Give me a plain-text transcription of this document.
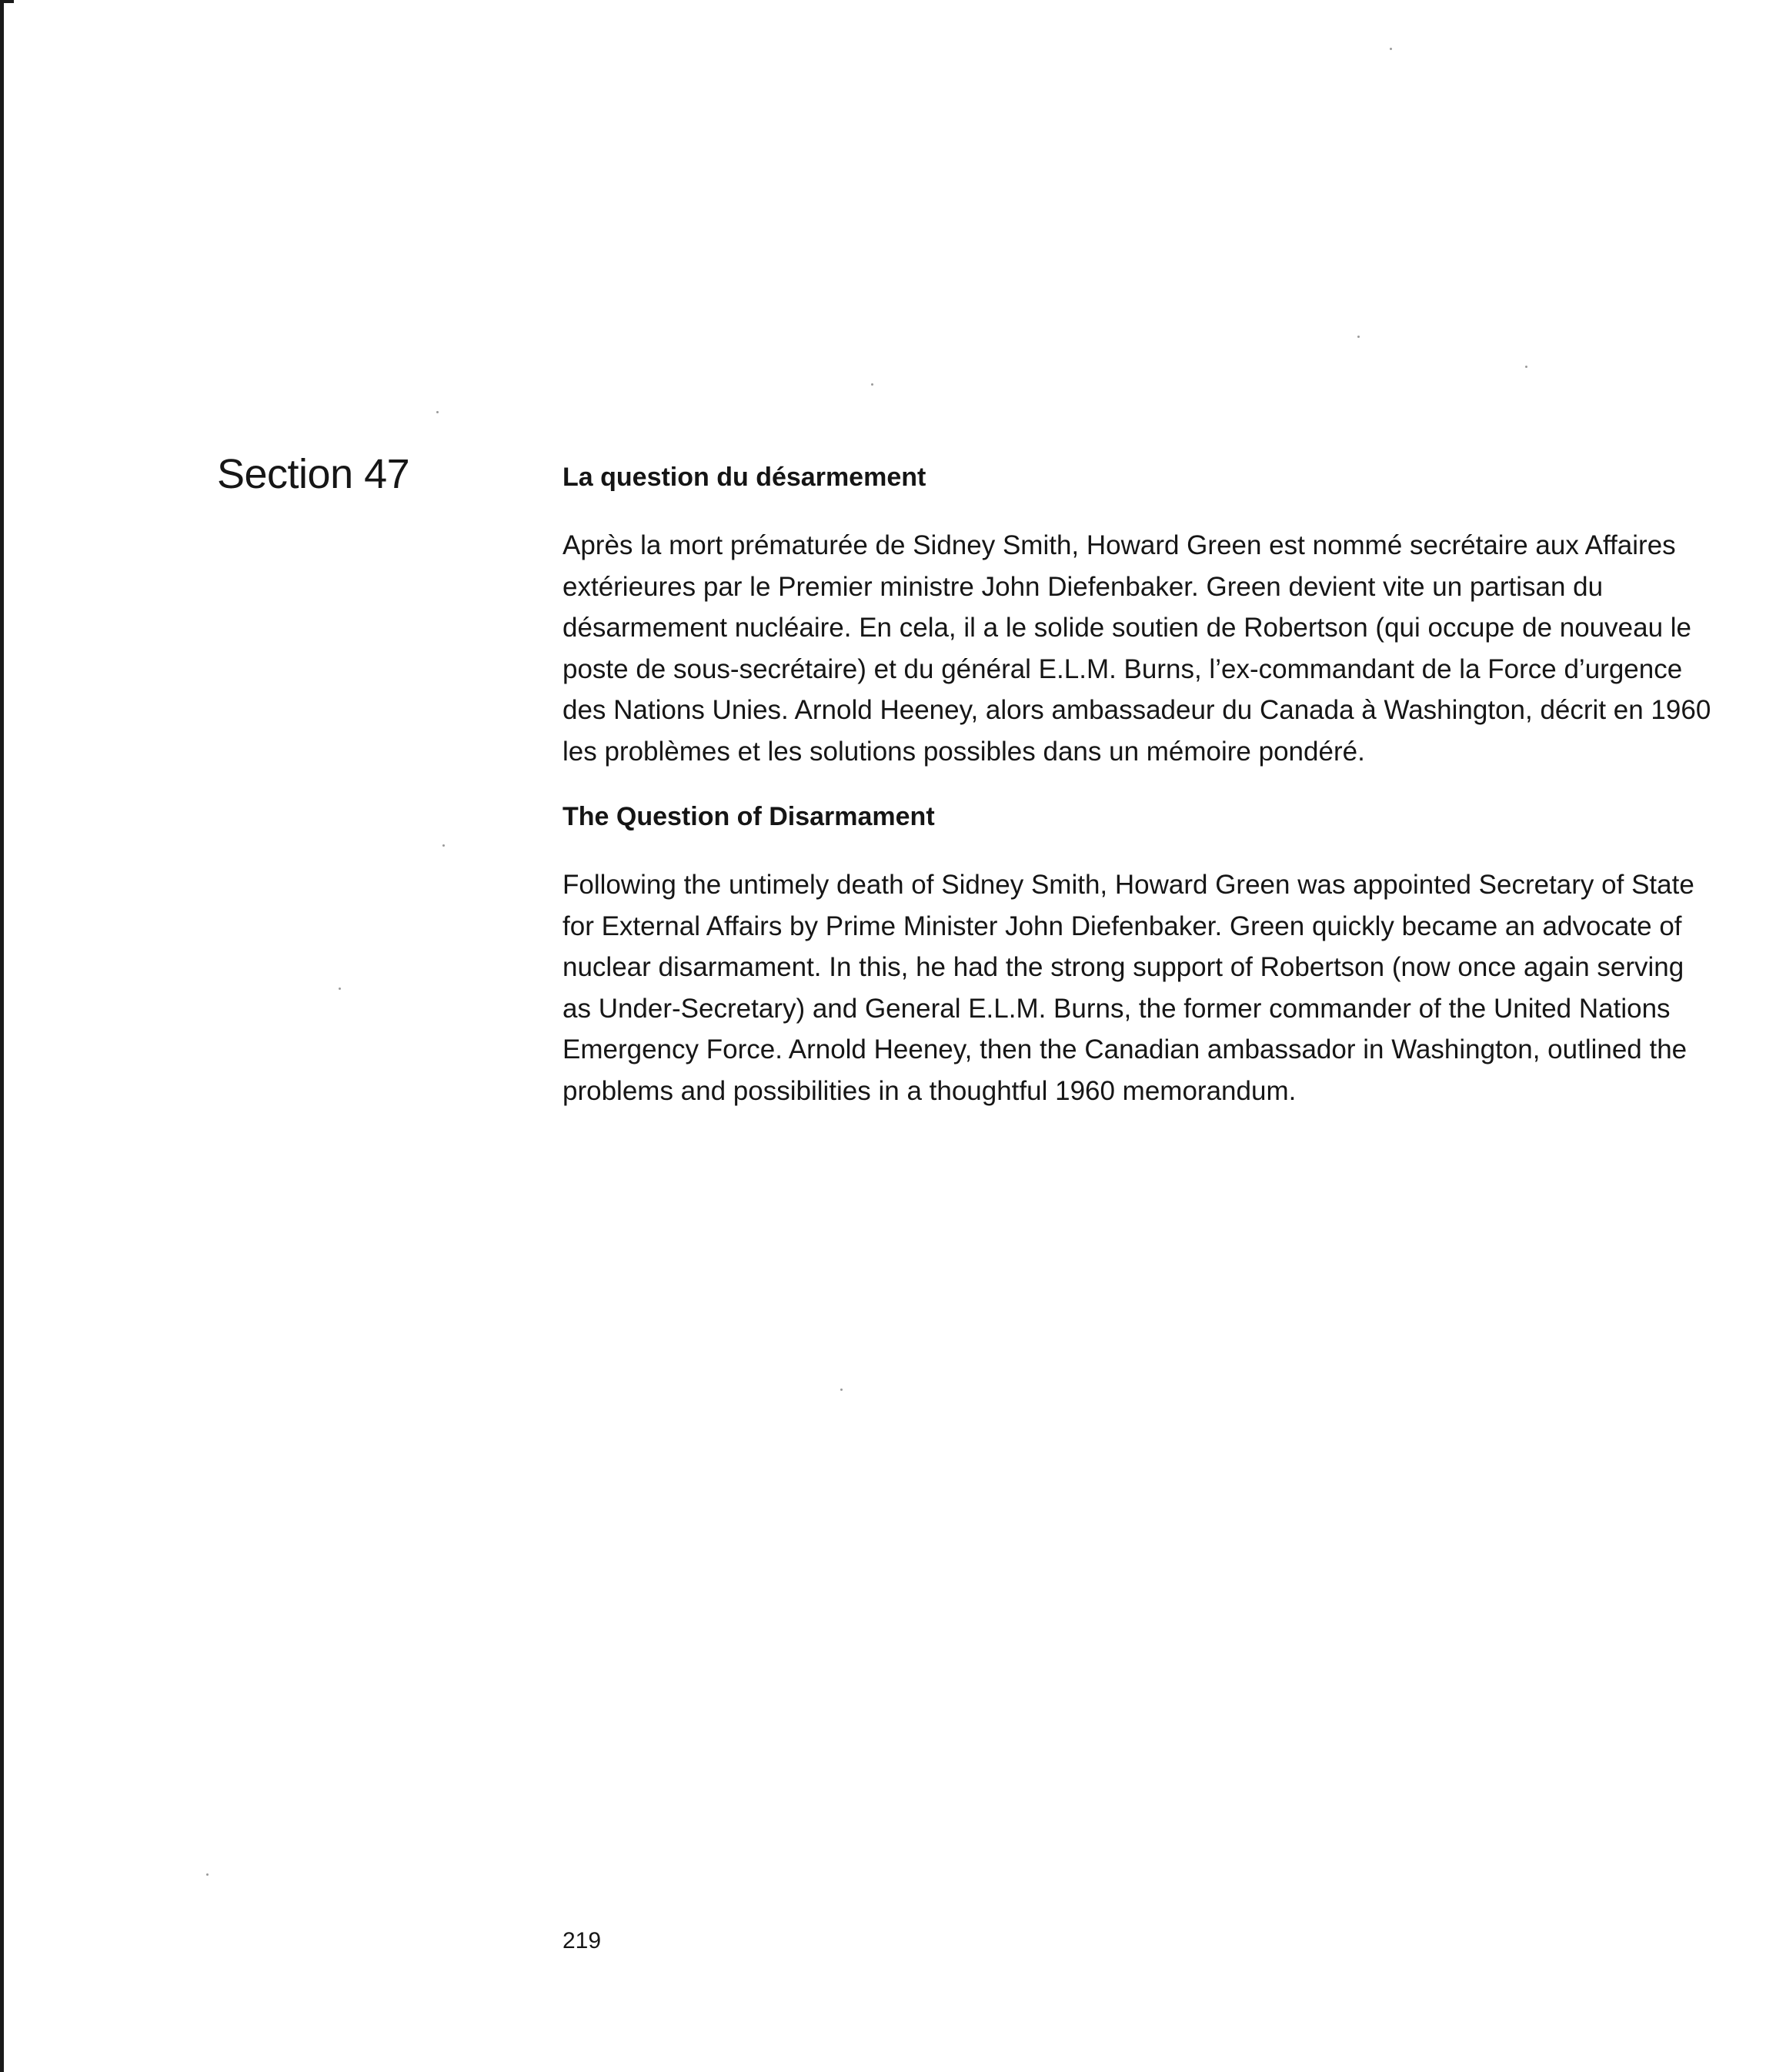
Section 47	La question du désarmement

Après la mort prématurée de Sidney Smith, Howard Green est nommé secrétaire aux Affaires
extérieures par le Premier ministre John Diefenbaker. Green devient vite un partisan du
désarmement nucléaire. En cela, il a le solide soutien de Robertson (qui occupe de nouveau le
poste de sous-secrétaire) et du général E.L.M. Burns, l’ex-commandant de la Force d’urgence
des Nations Unies. Arnold Heeney, alors ambassadeur du Canada à Washington, décrit en 1960
les problèmes et les solutions possibles dans un mémoire pondéré.

The Question of Disarmament

Following the untimely death of Sidney Smith, Howard Green was appointed Secretary of State
for External Affairs by Prime Minister John Diefenbaker. Green quickly became an advocate of
nuclear disarmament. In this, he had the strong support of Robertson (now once again serving
as Under-Secretary) and General E.L.M. Burns, the former commander of the United Nations
Emergency Force. Arnold Heeney, then the Canadian ambassador in Washington, outlined the
problems and possibilities in a thoughtful 1960 memorandum.

219
